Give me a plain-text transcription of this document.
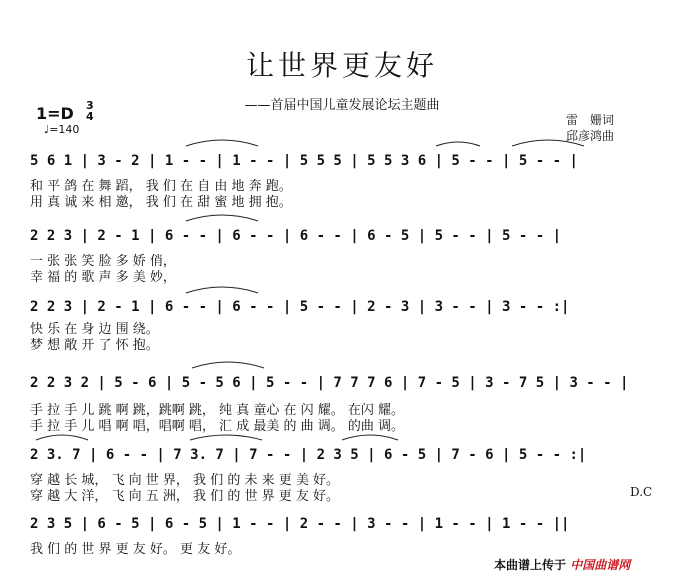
让世界更友好
——首届中国儿童发展论坛主题曲
1=D 3
4
♩=140
雷　姗词
邱彦鸿曲
5 6 1 | 3 - 2 | 1 - - | 1 - - | 5 5 5 | 5 5 3 6 | 5 - - | 5 - - |
和 平 鸽 在 舞 蹈， 我 们 在 自 由 地 奔 跑。
用 真 诚 来 相 邀， 我 们 在 甜 蜜 地 拥 抱。
2 2 3 | 2 - 1 | 6 - - | 6 - - | 6 - - | 6 - 5 | 5 - - | 5 - - |
一 张 张 笑 脸 多 娇 俏，
幸 福 的 歌 声 多 美 妙，
2 2 3 | 2 - 1 | 6 - - | 6 - - | 5 - - | 2 - 3 | 3 - - | 3 - - :|
快 乐 在 身 边 围 绕。
梦 想 敞 开 了 怀 抱。
2 2 3 2 | 5 - 6 | 5 - 5 6 | 5 - - | 7 7 7 6 | 7 - 5 | 3 - 7 5 | 3 - - |
手 拉 手 儿 跳 啊 跳，跳啊 跳， 纯 真 童心 在 闪 耀。 在闪 耀。
手 拉 手 儿 唱 啊 唱，唱啊 唱， 汇 成 最美 的 曲 调。 的曲 调。
2 3. 7 | 6 - - | 7 3. 7 | 7 - - | 2 3 5 | 6 - 5 | 7 - 6 | 5 - - :|
穿 越 长 城， 飞 向 世 界， 我 们 的 未 来 更 美 好。
穿 越 大 洋， 飞 向 五 洲， 我 们 的 世 界 更 友 好。	D.C
2 3 5 | 6 - 5 | 6 - 5 | 1 - - | 2 - - | 3 - - | 1 - - | 1 - - ||
我 们 的 世 界 更 友 好。 更 友 好。
本曲谱上传于 中国曲谱网
